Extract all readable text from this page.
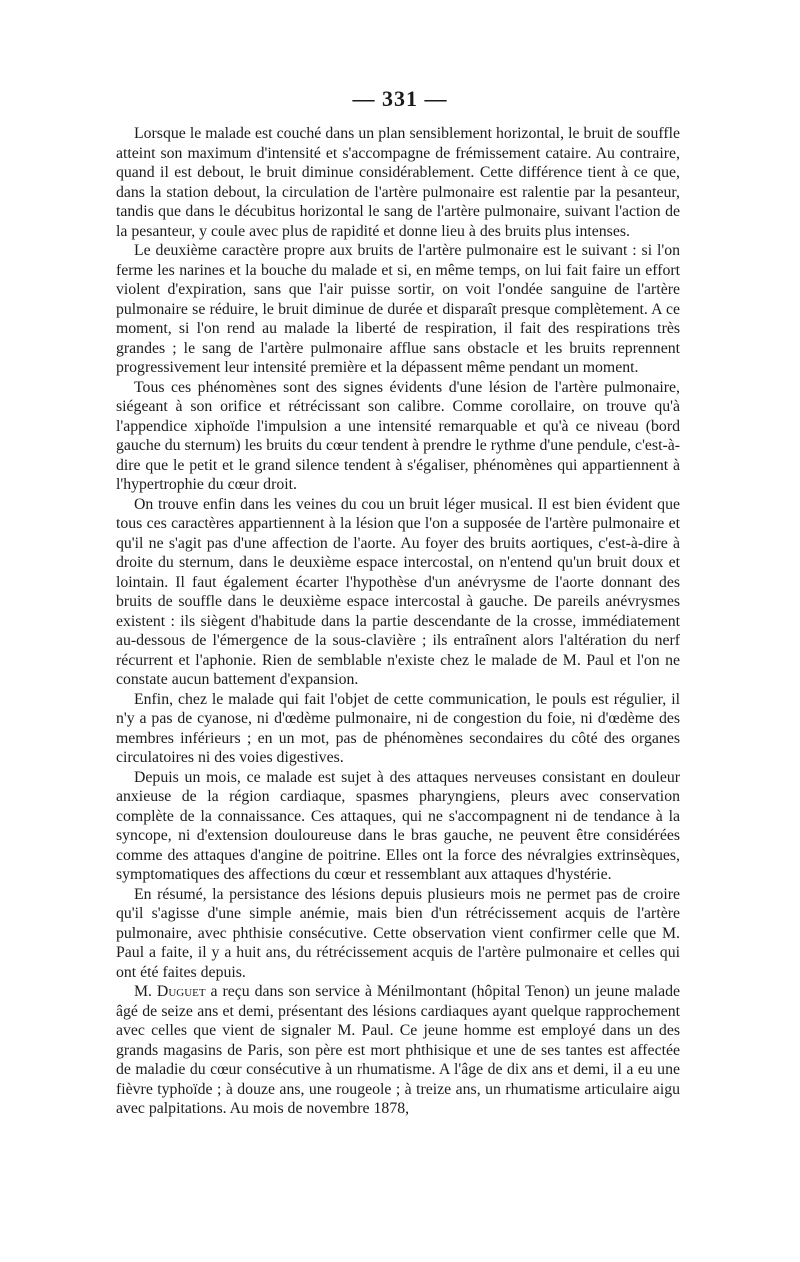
— 331 —

Lorsque le malade est couché dans un plan sensiblement horizontal, le bruit de souffle atteint son maximum d'intensité et s'accompagne de frémissement cataire. Au contraire, quand il est debout, le bruit diminue considérablement. Cette différence tient à ce que, dans la station debout, la circulation de l'artère pulmonaire est ralentie par la pesanteur, tandis que dans le décubitus horizontal le sang de l'artère pulmonaire, suivant l'action de la pesanteur, y coule avec plus de rapidité et donne lieu à des bruits plus intenses.

Le deuxième caractère propre aux bruits de l'artère pulmonaire est le suivant : si l'on ferme les narines et la bouche du malade et si, en même temps, on lui fait faire un effort violent d'expiration, sans que l'air puisse sortir, on voit l'ondée sanguine de l'artère pulmonaire se réduire, le bruit diminue de durée et disparaît presque complètement. A ce moment, si l'on rend au malade la liberté de respiration, il fait des respirations très grandes ; le sang de l'artère pulmonaire afflue sans obstacle et les bruits reprennent progressivement leur intensité première et la dépassent même pendant un moment.

Tous ces phénomènes sont des signes évidents d'une lésion de l'artère pulmonaire, siégeant à son orifice et rétrécissant son calibre. Comme corollaire, on trouve qu'à l'appendice xiphoïde l'impulsion a une intensité remarquable et qu'à ce niveau (bord gauche du sternum) les bruits du cœur tendent à prendre le rythme d'une pendule, c'est-à-dire que le petit et le grand silence tendent à s'égaliser, phénomènes qui appartiennent à l'hypertrophie du cœur droit.

On trouve enfin dans les veines du cou un bruit léger musical. Il est bien évident que tous ces caractères appartiennent à la lésion que l'on a supposée de l'artère pulmonaire et qu'il ne s'agit pas d'une affection de l'aorte. Au foyer des bruits aortiques, c'est-à-dire à droite du sternum, dans le deuxième espace intercostal, on n'entend qu'un bruit doux et lointain. Il faut également écarter l'hypothèse d'un anévrysme de l'aorte donnant des bruits de souffle dans le deuxième espace intercostal à gauche. De pareils anévrysmes existent : ils siègent d'habitude dans la partie descendante de la crosse, immédiatement au-dessous de l'émergence de la sous-clavière ; ils entraînent alors l'altération du nerf récurrent et l'aphonie. Rien de semblable n'existe chez le malade de M. Paul et l'on ne constate aucun battement d'expansion.

Enfin, chez le malade qui fait l'objet de cette communication, le pouls est régulier, il n'y a pas de cyanose, ni d'œdème pulmonaire, ni de congestion du foie, ni d'œdème des membres inférieurs ; en un mot, pas de phénomènes secondaires du côté des organes circulatoires ni des voies digestives.

Depuis un mois, ce malade est sujet à des attaques nerveuses consistant en douleur anxieuse de la région cardiaque, spasmes pharyngiens, pleurs avec conservation complète de la connaissance. Ces attaques, qui ne s'accompagnent ni de tendance à la syncope, ni d'extension douloureuse dans le bras gauche, ne peuvent être considérées comme des attaques d'angine de poitrine. Elles ont la force des névralgies extrinsèques, symptomatiques des affections du cœur et ressemblant aux attaques d'hystérie.

En résumé, la persistance des lésions depuis plusieurs mois ne permet pas de croire qu'il s'agisse d'une simple anémie, mais bien d'un rétrécissement acquis de l'artère pulmonaire, avec phthisie consécutive. Cette observation vient confirmer celle que M. Paul a faite, il y a huit ans, du rétrécissement acquis de l'artère pulmonaire et celles qui ont été faites depuis.

M. Duguet a reçu dans son service à Ménilmontant (hôpital Tenon) un jeune malade âgé de seize ans et demi, présentant des lésions cardiaques ayant quelque rapprochement avec celles que vient de signaler M. Paul. Ce jeune homme est employé dans un des grands magasins de Paris, son père est mort phthisique et une de ses tantes est affectée de maladie du cœur consécutive à un rhumatisme. A l'âge de dix ans et demi, il a eu une fièvre typhoïde ; à douze ans, une rougeole ; à treize ans, un rhumatisme articulaire aigu avec palpitations. Au mois de novembre 1878,
